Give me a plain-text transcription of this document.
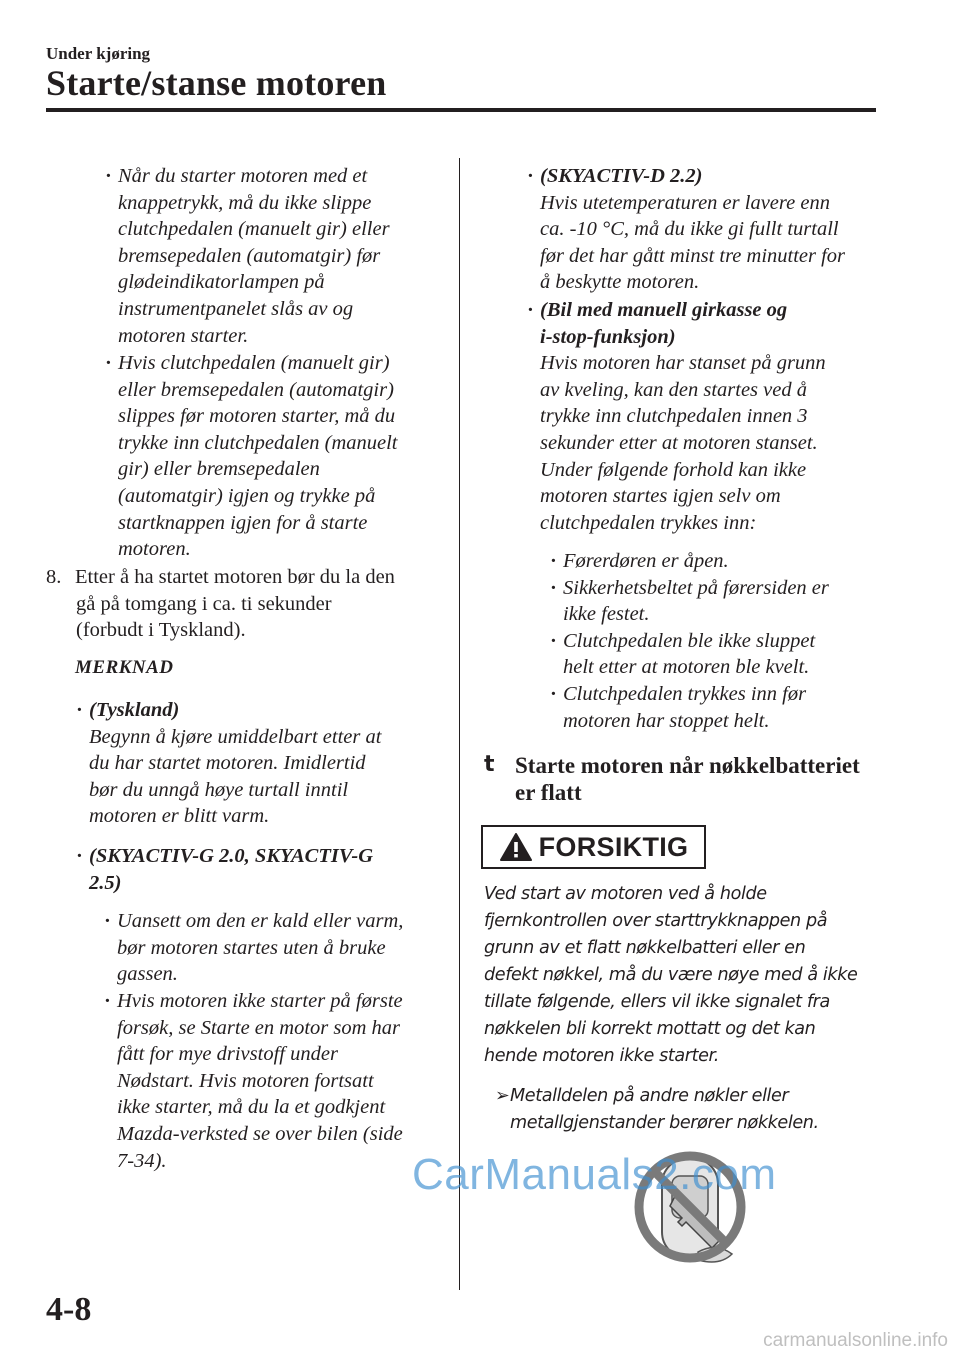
Under kjøring
Starte/stanse motoren
· Når du starter motoren med et
knappetrykk, må du ikke slippe
clutchpedalen (manuelt gir) eller
bremsepedalen (automatgir) før
glødeindikatorlampen på
instrumentpanelet slås av og
motoren starter.
· Hvis clutchpedalen (manuelt gir)
eller bremsepedalen (automatgir)
slippes før motoren starter, må du
trykke inn clutchpedalen (manuelt
gir) eller bremsepedalen
(automatgir) igjen og trykke på
startknappen igjen for å starte
motoren.
8. Etter å ha startet motoren bør du la den
gå på tomgang i ca. ti sekunder
(forbudt i Tyskland).
MERKNAD
· (Tyskland)
Begynn å kjøre umiddelbart etter at
du har startet motoren. Imidlertid
bør du unngå høye turtall inntil
motoren er blitt varm.
· (SKYACTIV-G 2.0, SKYACTIV-G
2.5)
· Uansett om den er kald eller varm,
bør motoren startes uten å bruke
gassen.
· Hvis motoren ikke starter på første
forsøk, se Starte en motor som har
fått for mye drivstoff under
Nødstart. Hvis motoren fortsatt
ikke starter, må du la et godkjent
Mazda-verksted se over bilen (side
7-34).
· (SKYACTIV-D 2.2)
Hvis utetemperaturen er lavere enn
ca. -10 °C, må du ikke gi fullt turtall
før det har gått minst tre minutter for
å beskytte motoren.
· (Bil med manuell girkasse og
i-stop-funksjon)
Hvis motoren har stanset på grunn
av kveling, kan den startes ved å
trykke inn clutchpedalen innen 3
sekunder etter at motoren stanset.
Under følgende forhold kan ikke
motoren startes igjen selv om
clutchpedalen trykkes inn:
· Førerdøren er åpen.
· Sikkerhetsbeltet på førersiden er
ikke festet.
· Clutchpedalen ble ikke sluppet
helt etter at motoren ble kvelt.
· Clutchpedalen trykkes inn før
motoren har stoppet helt.
t Starte motoren når nøkkelbatteriet
er flatt
FORSIKTIG
Ved start av motoren ved å holde
fjernkontrollen over starttrykknappen på
grunn av et flatt nøkkelbatteri eller en
defekt nøkkel, må du være nøye med å ikke
tillate følgende, ellers vil ikke signalet fra
nøkkelen bli korrekt mottatt og det kan
hende motoren ikke starter.
➢ Metalldelen på andre nøkler eller
metallgjenstander berører nøkkelen.
CarManuals2.com
4-8
carmanualsonline.info
